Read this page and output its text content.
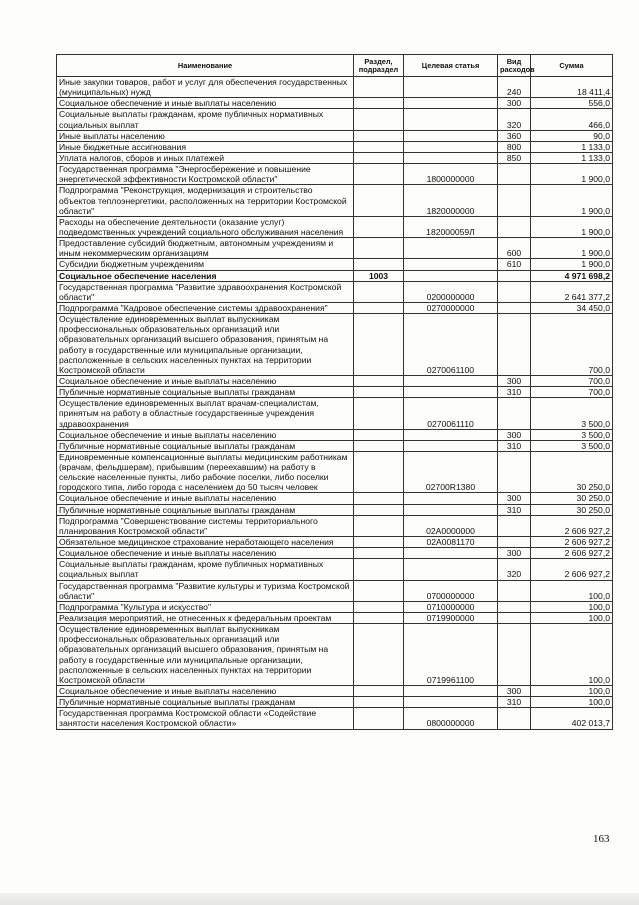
Наименование	Раздел, подраздел	Целевая статья	Вид расходов	Сумма
Иные закупки товаров, работ и услуг для обеспечения государственных (муниципальных) нужд			240	18 411,4
Социальное обеспечение и иные выплаты населению			300	556,0
Социальные выплаты гражданам, кроме публичных нормативных социальных выплат			320	466,0
Иные выплаты населению			360	90,0
Иные бюджетные ассигнования			800	1 133,0
Уплата налогов, сборов и иных платежей			850	1 133,0
Государственная программа "Энергосбережение и повышение энергетической эффективности Костромской области"		1800000000		1 900,0
Подпрограмма "Реконструкция, модернизация и строительство объектов теплоэнергетики, расположенных на территории Костромской области"		1820000000		1 900,0
Расходы на обеспечение деятельности (оказание услуг) подведомственных учреждений социального обслуживания населения		182000059Л		1 900,0
Предоставление субсидий бюджетным, автономным учреждениям и иным некоммерческим организациям			600	1 900,0
Субсидии бюджетным учреждениям			610	1 900,0
Социальное обеспечение населения	1003			4 971 698,2
Государственная программа "Развитие здравоохранения Костромской области"		0200000000		2 641 377,2
Подпрограмма "Кадровое обеспечение системы здравоохранения"		0270000000		34 450,0
Осуществление единовременных выплат выпускникам профессиональных образовательных организаций или образовательных организаций высшего образования, принятым на работу в государственные или муниципальные организации, расположенные в сельских населенных пунктах на территории Костромской области		0270061100		700,0
Социальное обеспечение и иные выплаты населению			300	700,0
Публичные нормативные социальные выплаты гражданам			310	700,0
Осуществление единовременных выплат врачам-специалистам, принятым на работу в областные государственные учреждения здравоохранения		0270061110		3 500,0
Социальное обеспечение и иные выплаты населению			300	3 500,0
Публичные нормативные социальные выплаты гражданам			310	3 500,0
Единовременные компенсационные выплаты медицинским работникам (врачам, фельдшерам), прибывшим (переехавшим) на работу в сельские населенные пункты, либо рабочие поселки, либо поселки городского типа, либо города с населением до 50 тысяч человек		02700R1380		30 250,0
Социальное обеспечение и иные выплаты населению			300	30 250,0
Публичные нормативные социальные выплаты гражданам			310	30 250,0
Подпрограмма "Совершенствование системы территориального планирования Костромской области"		02А0000000		2 606 927,2
Обязательное медицинское страхование неработающего населения		02А0081170		2 606 927,2
Социальное обеспечение и иные выплаты населению			300	2 606 927,2
Социальные выплаты гражданам, кроме публичных нормативных социальных выплат			320	2 606 927,2
Государственная программа "Развитие культуры и туризма Костромской области"		0700000000		100,0
Подпрограмма "Культура и искусство"		0710000000		100,0
Реализация мероприятий, не отнесенных к федеральным проектам		0719900000		100,0
Осуществление единовременных выплат выпускникам профессиональных образовательных организаций или образовательных организаций высшего образования, принятым на работу в государственные или муниципальные организации, расположенные в сельских населенных пунктах на территории Костромской области		0719961100		100,0
Социальное обеспечение и иные выплаты населению			300	100,0
Публичные нормативные социальные выплаты гражданам			310	100,0
Государственная программа Костромской области «Содействие занятости населения Костромской области»		0800000000		402 013,7
163
